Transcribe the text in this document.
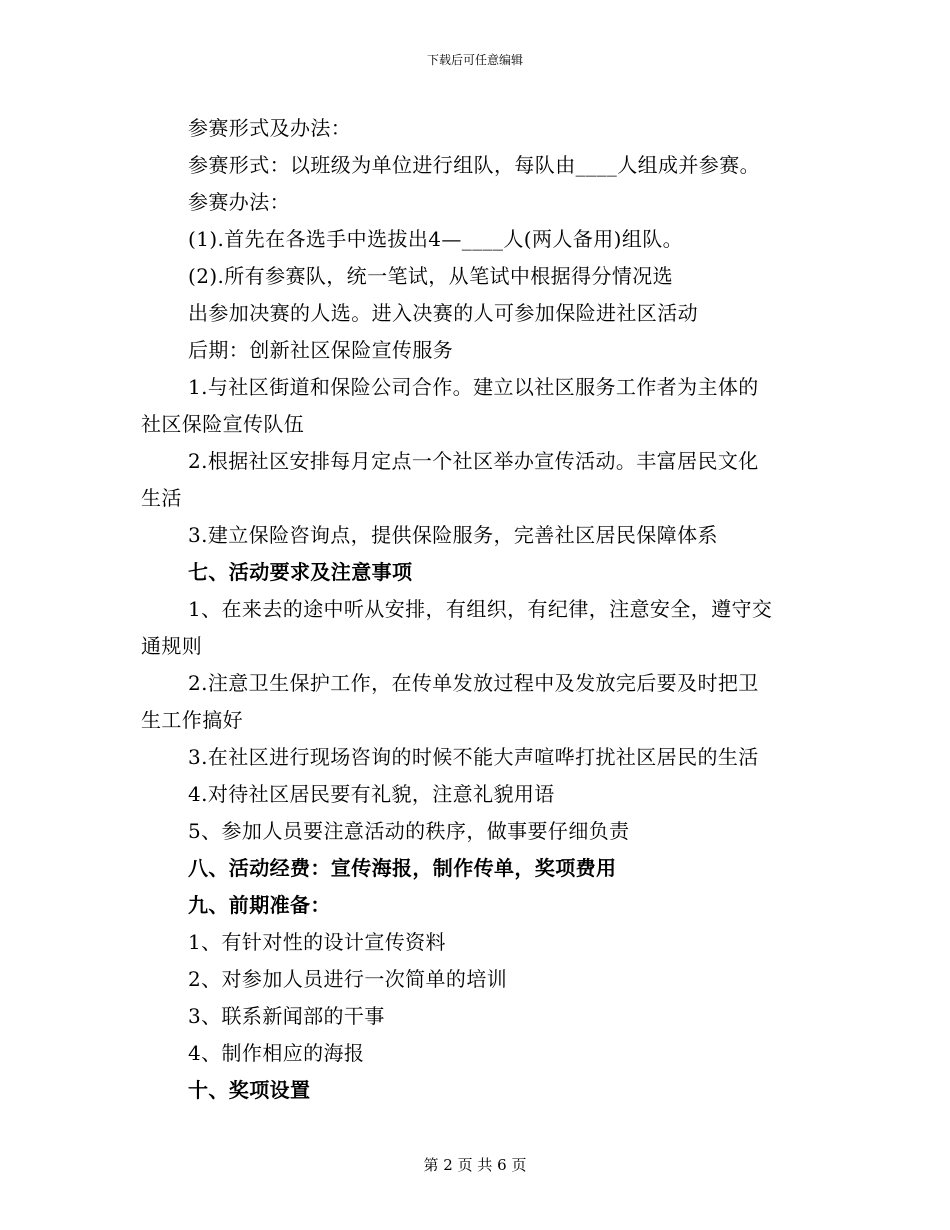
下载后可任意编辑
参赛形式及办法：
参赛形式：以班级为单位进行组队，每队由____人组成并参赛。
参赛办法：
(1).首先在各选手中选拔出4—____人(两人备用)组队。
(2).所有参赛队，统一笔试，从笔试中根据得分情况选
出参加决赛的人选。进入决赛的人可参加保险进社区活动
后期：创新社区保险宣传服务
1.与社区街道和保险公司合作。建立以社区服务工作者为主体的
社区保险宣传队伍
2.根据社区安排每月定点一个社区举办宣传活动。丰富居民文化
生活
3.建立保险咨询点，提供保险服务，完善社区居民保障体系
七、活动要求及注意事项
1、在来去的途中听从安排，有组织，有纪律，注意安全，遵守交
通规则
2.注意卫生保护工作，在传单发放过程中及发放完后要及时把卫
生工作搞好
3.在社区进行现场咨询的时候不能大声喧哗打扰社区居民的生活
4.对待社区居民要有礼貌，注意礼貌用语
5、参加人员要注意活动的秩序，做事要仔细负责
八、活动经费：宣传海报，制作传单，奖项费用
九、前期准备：
1、有针对性的设计宣传资料
2、对参加人员进行一次简单的培训
3、联系新闻部的干事
4、制作相应的海报
十、奖项设置
第 2 页 共 6 页
